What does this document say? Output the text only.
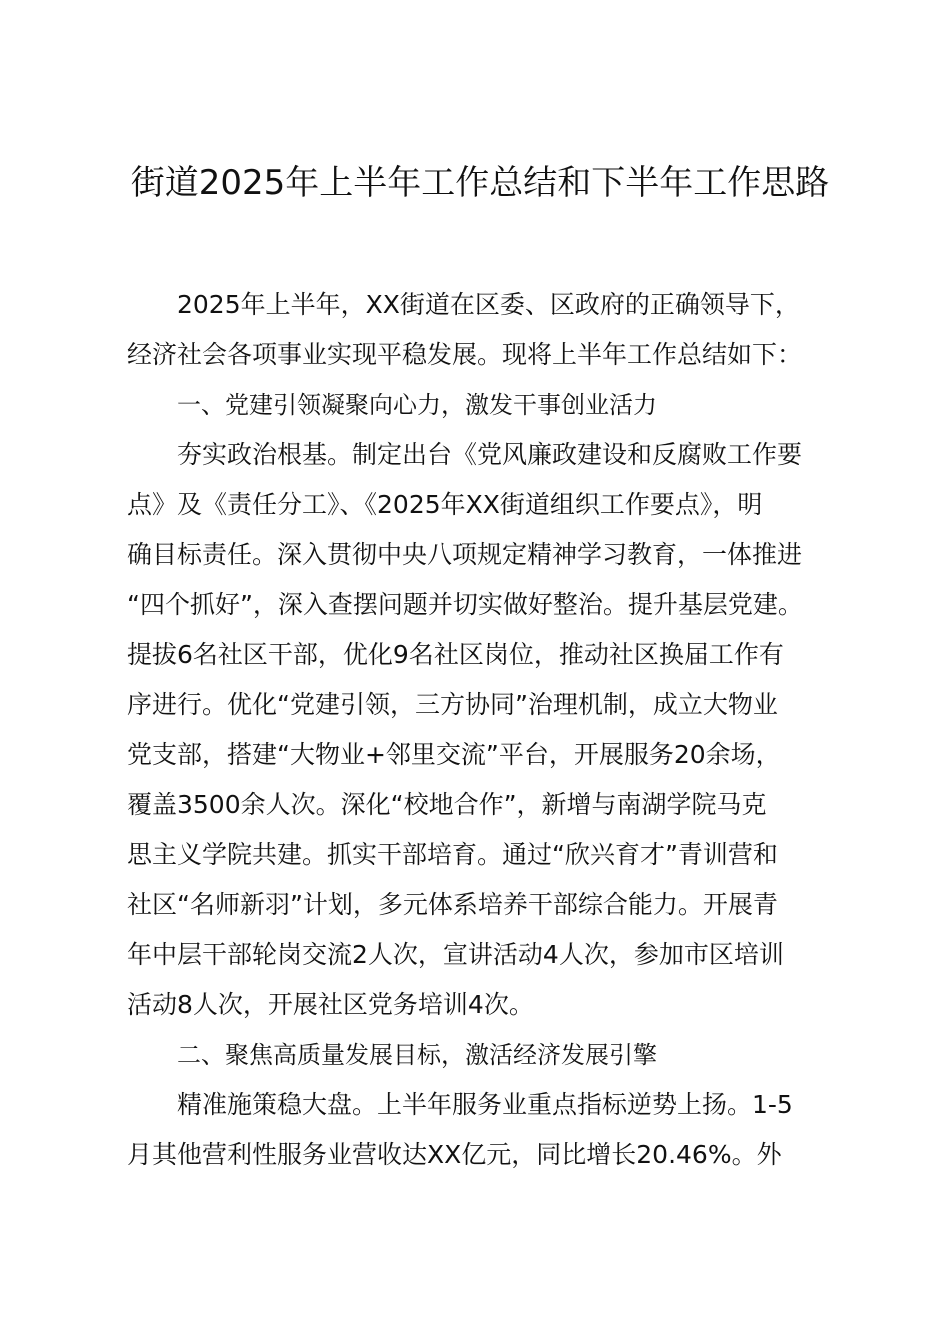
街道2025年上半年工作总结和下半年工作思路

2025年上半年，XX街道在区委、区政府的正确领导下，

经济社会各项事业实现平稳发展。现将上半年工作总结如下：

一、党建引领凝聚向心力，激发干事创业活力

夯实政治根基。制定出台《党风廉政建设和反腐败工作要

点》及《责任分工》、《2025年XX街道组织工作要点》，明

确目标责任。深入贯彻中央八项规定精神学习教育，一体推进

“四个抓好”，深入查摆问题并切实做好整治。提升基层党建。

提拔6名社区干部，优化9名社区岗位，推动社区换届工作有

序进行。优化“党建引领，三方协同”治理机制，成立大物业

党支部，搭建“大物业+邻里交流”平台，开展服务20余场，

覆盖3500余人次。深化“校地合作”，新增与南湖学院马克

思主义学院共建。抓实干部培育。通过“欣兴育才”青训营和

社区“名师新羽”计划，多元体系培养干部综合能力。开展青

年中层干部轮岗交流2人次，宣讲活动4人次，参加市区培训

活动8人次，开展社区党务培训4次。

二、聚焦高质量发展目标，激活经济发展引擎

精准施策稳大盘。上半年服务业重点指标逆势上扬。1-5

月其他营利性服务业营收达XX亿元，同比增长20.46%。外
